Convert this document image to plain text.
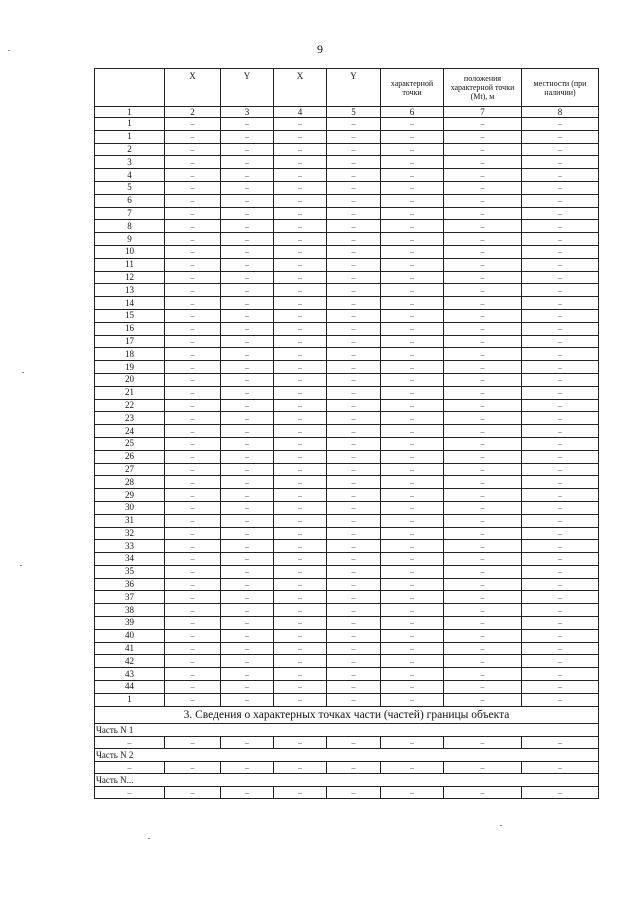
9
	X	Y	X	Y	характерной точки	положения характерной точки (Mt), м	местности (при наличии)
1	2	3	4	5	6	7	8
1	–	–	–	–	–	–	–
1	–	–	–	–	–	–	–
2	–	–	–	–	–	–	–
3	–	–	–	–	–	–	–
4	–	–	–	–	–	–	–
5	–	–	–	–	–	–	–
6	–	–	–	–	–	–	–
7	–	–	–	–	–	–	–
8	–	–	–	–	–	–	–
9	–	–	–	–	–	–	–
10	–	–	–	–	–	–	–
11	–	–	–	–	–	–	–
12	–	–	–	–	–	–	–
13	–	–	–	–	–	–	–
14	–	–	–	–	–	–	–
15	–	–	–	–	–	–	–
16	–	–	–	–	–	–	–
17	–	–	–	–	–	–	–
18	–	–	–	–	–	–	–
19	–	–	–	–	–	–	–
20	–	–	–	–	–	–	–
21	–	–	–	–	–	–	–
22	–	–	–	–	–	–	–
23	–	–	–	–	–	–	–
24	–	–	–	–	–	–	–
25	–	–	–	–	–	–	–
26	–	–	–	–	–	–	–
27	–	–	–	–	–	–	–
28	–	–	–	–	–	–	–
29	–	–	–	–	–	–	–
30	–	–	–	–	–	–	–
31	–	–	–	–	–	–	–
32	–	–	–	–	–	–	–
33	–	–	–	–	–	–	–
34	–	–	–	–	–	–	–
35	–	–	–	–	–	–	–
36	–	–	–	–	–	–	–
37	–	–	–	–	–	–	–
38	–	–	–	–	–	–	–
39	–	–	–	–	–	–	–
40	–	–	–	–	–	–	–
41	–	–	–	–	–	–	–
42	–	–	–	–	–	–	–
43	–	–	–	–	–	–	–
44	–	–	–	–	–	–	–
1	–	–	–	–	–	–	–
3. Сведения о характерных точках части (частей) границы объекта							
Часть N 1							
–	–	–	–	–	–	–	–
Часть N 2							
–	–	–	–	–	–	–	–
Часть N...							
–	–	–	–	–	–	–	–
